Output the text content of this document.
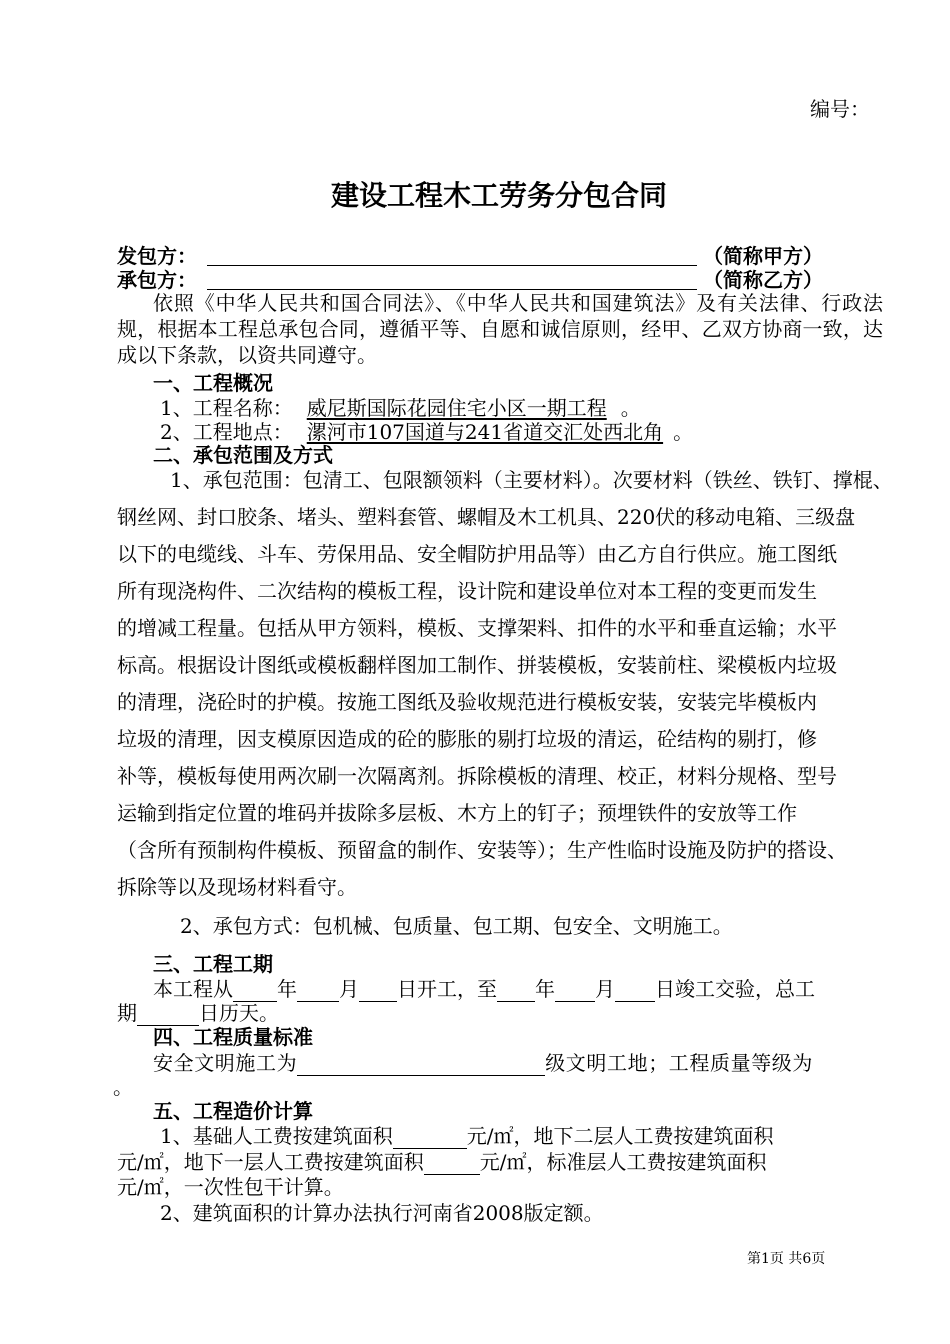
编号：
建设工程木工劳务分包合同
发包方：	（简称甲方）
承包方：	（简称乙方）
依照《中华人民共和国合同法》、《中华人民共和国建筑法》及有关法律、行政法规，根据本工程总承包合同，遵循平等、自愿和诚信原则，经甲、乙双方协商一致，达成以下条款，以资共同遵守。
一、工程概况
1、工程名称： 威尼斯国际花园住宅小区一期工程 。
2、工程地点： 漯河市107国道与241省道交汇处西北角 。
二、承包范围及方式
1、承包范围：包清工、包限额领料（主要材料）。次要材料（铁丝、铁钉、撑棍、
钢丝网、封口胶条、堵头、塑料套管、螺帽及木工机具、220伏的移动电箱、三级盘
以下的电缆线、斗车、劳保用品、安全帽防护用品等）由乙方自行供应。施工图纸
所有现浇构件、二次结构的模板工程，设计院和建设单位对本工程的变更而发生
的增减工程量。包括从甲方领料，模板、支撑架料、扣件的水平和垂直运输；水平
标高。根据设计图纸或模板翻样图加工制作、拼装模板，安装前柱、梁模板内垃圾
的清理，浇砼时的护模。按施工图纸及验收规范进行模板安装，安装完毕模板内
垃圾的清理，因支模原因造成的砼的膨胀的剔打垃圾的清运，砼结构的剔打，修
补等，模板每使用两次刷一次隔离剂。拆除模板的清理、校正，材料分规格、型号
运输到指定位置的堆码并拔除多层板、木方上的钉子；预埋铁件的安放等工作
（含所有预制构件模板、预留盒的制作、安装等）；生产性临时设施及防护的搭设、
拆除等以及现场材料看守。
2、承包方式：包机械、包质量、包工期、包安全、文明施工。
三、工程工期
本工程从 年 月 日开工，至 年 月 日竣工交验，总工
期	日历天。
四、工程质量标准
安全文明施工为	级文明工地；工程质量等级为
。
五、工程造价计算
1、基础人工费按建筑面积	元/㎡，地下二层人工费按建筑面积
元/㎡，地下一层人工费按建筑面积	元/㎡，标准层人工费按建筑面积
元/㎡，一次性包干计算。
2、建筑面积的计算办法执行河南省2008版定额。
第1页 共6页
